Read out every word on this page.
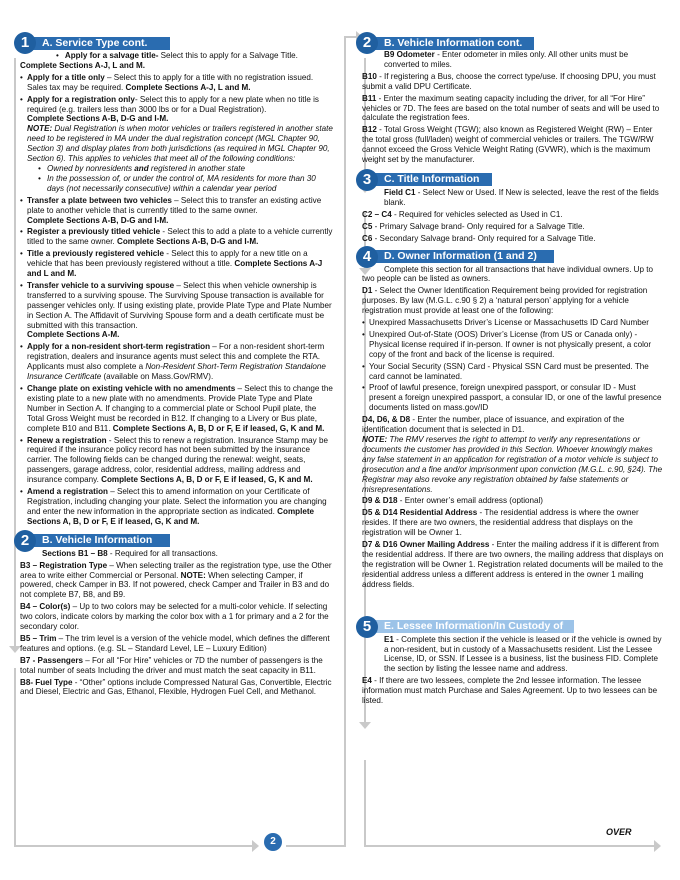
1	A. Service Type cont.
• Apply for a salvage title- Select this to apply for a Salvage Title.
Complete Sections A-J, L and M.
• Apply for a title only – Select this to apply for a title with no registration issued. Sales tax may be required. Complete Sections A-J, L and M.
• Apply for a registration only- Select this to apply for a new plate when no title is required (e.g. trailers less than 3000 lbs or for a Dual Registration).
Complete Sections A-B, D-G and I-M.
NOTE: Dual Registration is when motor vehicles or trailers registered in another state need to be registered in MA under the dual registration concept (MGL Chapter 90, Section 3) and display plates from both jurisdictions (as required in MGL Chapter 90, Section 6). This applies to vehicles that meet all of the following conditions:
• Owned by nonresidents and registered in another state
• In the possession of, or under the control of, MA residents for more than 30 days (not necessarily consecutive) within a calendar year period
• Transfer a plate between two vehicles – Select this to transfer an existing active plate to another vehicle that is currently titled to the same owner.
Complete Sections A-B, D-G and I-M.
• Register a previously titled vehicle - Select this to add a plate to a vehicle currently titled to the same owner. Complete Sections A-B, D-G and I-M.
• Title a previously registered vehicle - Select this to apply for a new title on a vehicle that has been previously registered without a title. Complete Sections A-J and L and M.
• Transfer vehicle to a surviving spouse – Select this when vehicle ownership is transferred to a surviving spouse. The Surviving Spouse transaction is available for passenger vehicles only. If using existing plate, provide Plate Type and Plate Number in Section A. The Affidavit of Surviving Spouse form and a death certificate must be submitted with this transaction.
Complete Sections A-M.
• Apply for a non-resident short-term registration – For a non-resident short-term registration, dealers and insurance agents must select this and complete the RTA. Applicants must also complete a Non-Resident Short-Term Registration Standalone Insurance Certificate (available on Mass.Gov/RMV).
• Change plate on existing vehicle with no amendments – Select this to change the existing plate to a new plate with no amendments. Provide Plate Type and Plate Number in Section A. If changing to a commercial plate or School Pupil plate, the Total Gross Weight must be recorded in B12. If changing to a Livery or Bus plate, complete B10 and B11. Complete Sections A, B, D or F, E if leased, G, K and M.
• Renew a registration - Select this to renew a registration. Insurance Stamp may be required if the insurance policy record has not been submitted by the insurance carrier. The following fields can be changed during the renewal: weight, seats, passengers, garage address, color, residential address, mailing address and insurance company. Complete Sections A, B, D or F, E if leased, G, K and M.
• Amend a registration – Select this to amend information on your Certificate of Registration, including changing your plate. Select the information you are changing and enter the new information in the appropriate section as indicated. Complete Sections A, B, D or F, E if leased, G, K and M.
2	B. Vehicle Information
Sections B1 – B8 - Required for all transactions.
B3 – Registration Type – When selecting trailer as the registration type, use the Other area to write either Commercial or Personal. NOTE: When selecting Camper, if powered, check Camper in B3. If not powered, check Camper and Trailer in B3 and do not complete B7, B8, and B9.
B4 – Color(s) – Up to two colors may be selected for a multi-color vehicle. If selecting two colors, indicate colors by marking the color box with a 1 for primary and a 2 for the secondary color.
B5 – Trim – The trim level is a version of the vehicle model, which defines the different features and options. (e.g. SL – Standard Level, LE – Luxury Edition)
B7 - Passengers – For all “For Hire” vehicles or 7D the number of passengers is the total number of seats Including the driver and must match the seat capacity in B11.
B8- Fuel Type - “Other” options include Compressed Natural Gas, Convertible, Electric and Diesel, Electric and Gas, Ethanol, Flexible, Hydrogen Fuel Cell, and Methanol.
2	B. Vehicle Information cont.
B9 Odometer - Enter odometer in miles only. All other units must be converted to miles.
B10 - If registering a Bus, choose the correct type/use. If choosing DPU, you must submit a valid DPU Certificate.
B11 - Enter the maximum seating capacity including the driver, for all “For Hire” vehicles or 7D. The fees are based on the total number of seats and will be used to calculate the registration fees.
B12 - Total Gross Weight (TGW); also known as Registered Weight (RW) – Enter the total gross (full/laden) weight of commercial vehicles or trailers. The TGW/RW cannot exceed the Gross Vehicle Weight Rating (GVWR), which is the maximum weight set by the manufacturer.
3	C. Title Information
Field C1 - Select New or Used. If New is selected, leave the rest of the fields blank.
C2 – C4 - Required for vehicles selected as Used in C1.
C5 - Primary Salvage brand- Only required for a Salvage Title.
C6 - Secondary Salvage brand- Only required for a Salvage Title.
4	D. Owner Information (1 and 2)
Complete this section for all transactions that have individual owners. Up to two people can be listed as owners.
D1 - Select the Owner Identification Requirement being provided for registration purposes. By law (M.G.L. c.90 § 2) a ‘natural person’ applying for a vehicle registration must provide at least one of the following:
• Unexpired Massachusetts Driver’s License or Massachusetts ID Card Number
• Unexpired Out-of-State (OOS) Driver’s License (from US or Canada only) - Physical license required if in-person. If owner is not physically present, a color copy of the front and back of the license is required.
• Your Social Security (SSN) Card - Physical SSN Card must be presented. The card cannot be laminated.
• Proof of lawful presence, foreign unexpired passport, or consular ID - Must present a foreign unexpired passport, a consular ID, or one of the lawful presence documents listed on mass.gov/ID
D4, D6, & D8 - Enter the number, place of issuance, and expiration of the identification document that is selected in D1.
NOTE: The RMV reserves the right to attempt to verify any representations or documents the customer has provided in this Section. Whoever knowingly makes any false statement in an application for registration of a motor vehicle is subject to prosecution and a fine and/or imprisonment upon conviction (M.G.L. c.90, §24). The Registrar may also revoke any registration obtained by false statements or misrepresentations.
D9 & D18 - Enter owner’s email address (optional)
D5 & D14 Residential Address - The residential address is where the owner resides. If there are two owners, the residential address that displays on the registration will be Owner 1.
D7 & D16 Owner Mailing Address - Enter the mailing address if it is different from the residential address. If there are two owners, the mailing address that displays on the registration will be Owner 1. Registration related documents will be mailed to the residential address unless a different address is entered in the owner 1 mailing address fields.
5	E. Lessee Information/In Custody of
E1 - Complete this section if the vehicle is leased or if the vehicle is owned by a non-resident, but in custody of a Massachusetts resident. List the Lessee License, ID, or SSN. If Lessee is a business, list the business FID. Complete the section by listing the lessee name and address.
E4 - If there are two lessees, complete the 2nd lessee information. The lessee information must match Purchase and Sales Agreement. Up to two lessees can be listed.
2
OVER
